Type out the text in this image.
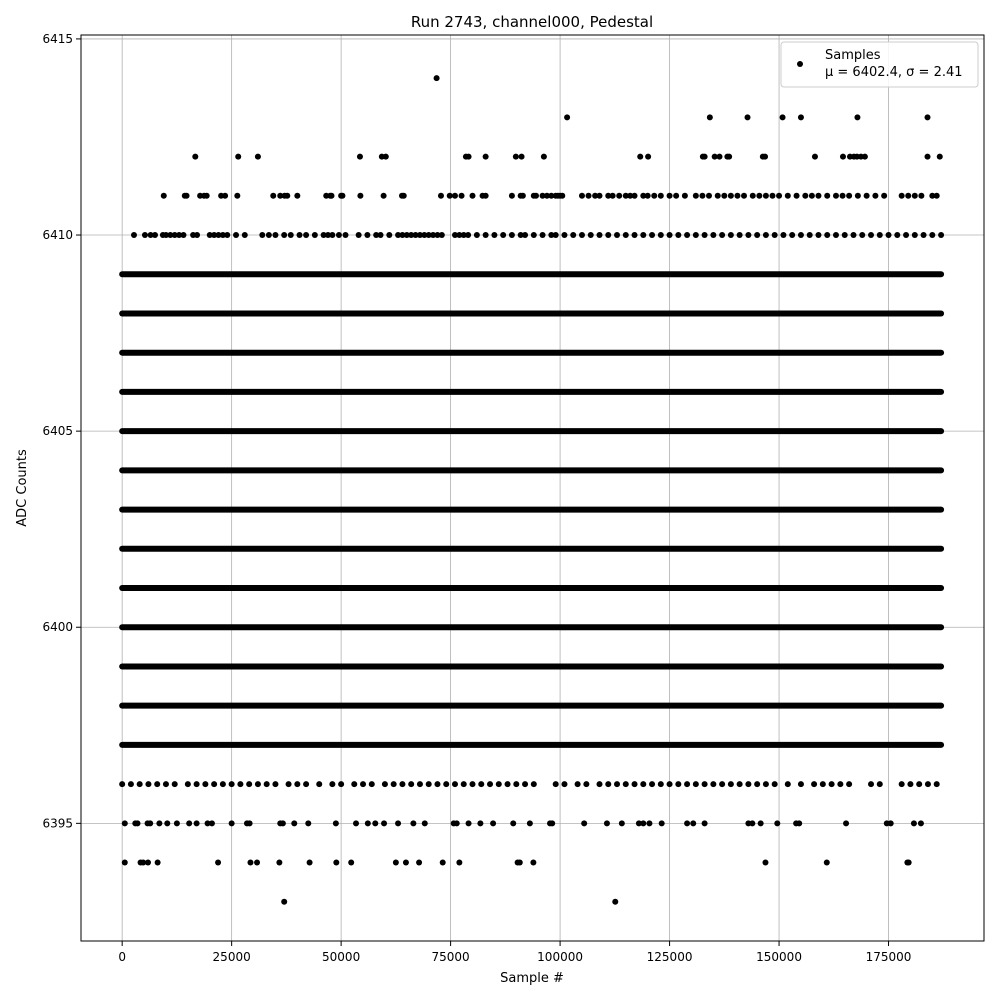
Run 2743, channel000, Pedestal
0	25000	50000	75000	100000	125000	150000	175000
6395
6400
6405
6410
6415
Sample #
ADC Counts
Samples
μ = 6402.4, σ = 2.41
